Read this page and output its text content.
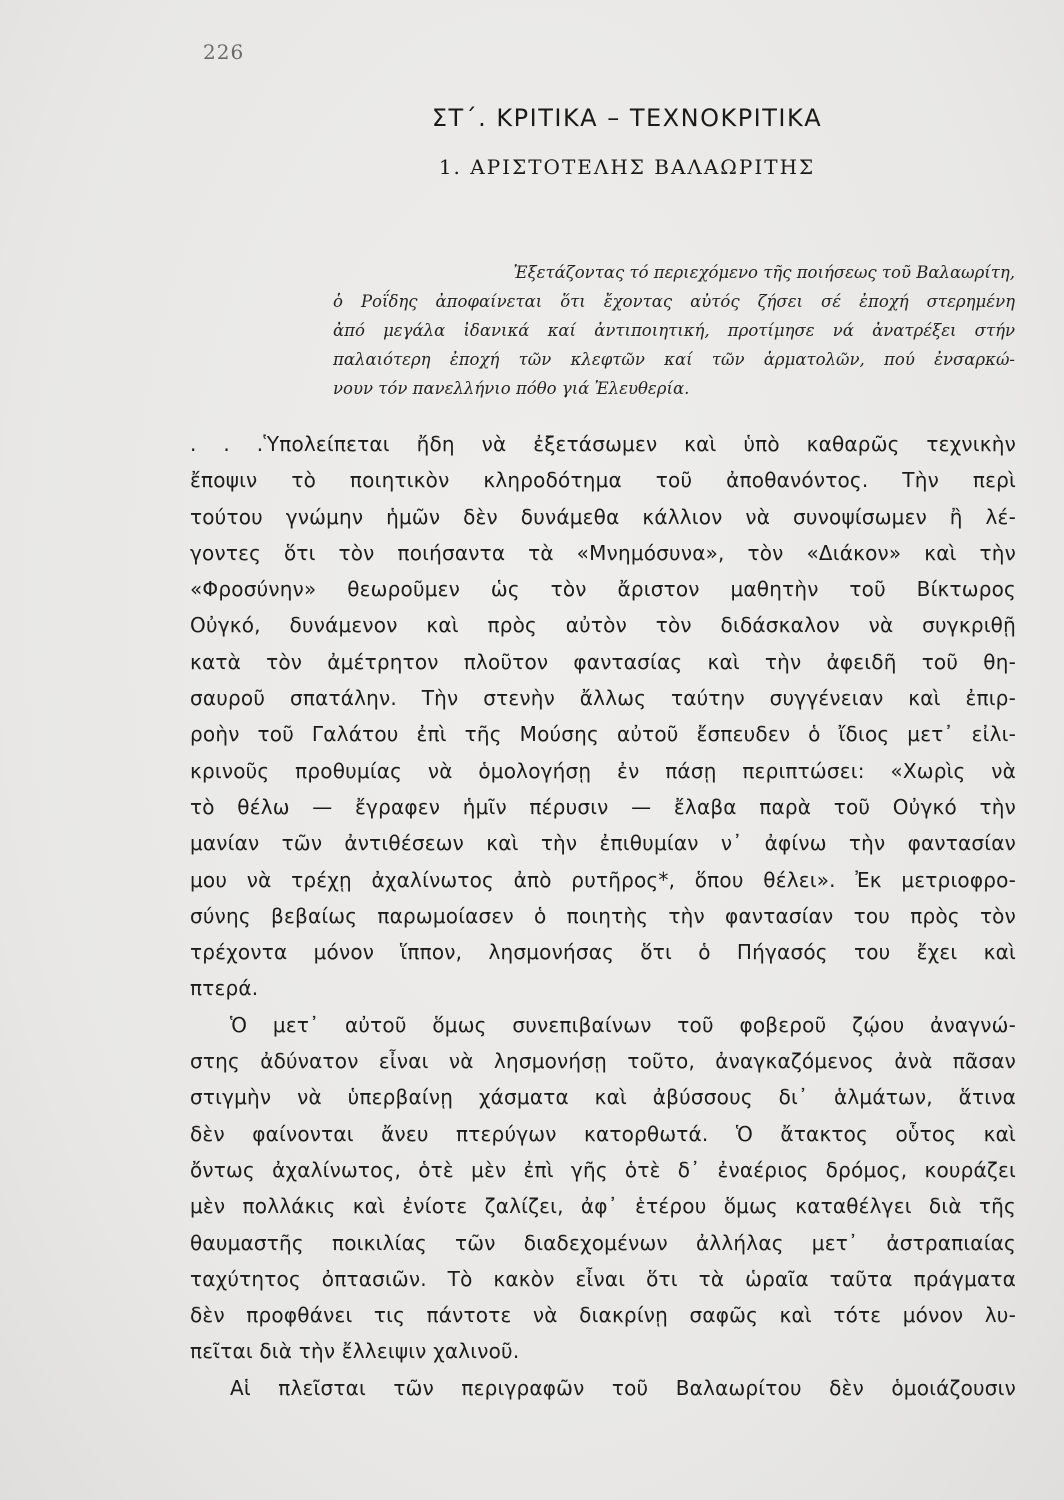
226
ΣΤ΄. ΚΡΙΤΙΚΑ – ΤΕΧΝΟΚΡΙΤΙΚΑ
1. ΑΡΙΣΤΟΤΕΛΗΣ ΒΑΛΑΩΡΙΤΗΣ
Ἐξετάζοντας τό περιεχόμενο τῆς ποιήσεως τοῦ Βαλαωρίτη,
ὁ Ροΐδης ἀποφαίνεται ὅτι ἔχοντας αὐτός ζήσει σέ ἐποχή στερημένη
ἀπό μεγάλα ἰδανικά καί ἀντιποιητική, προτίμησε νά ἀνατρέξει στήν
παλαιότερη ἐποχή τῶν κλεφτῶν καί τῶν ἁρματολῶν, πού ἐνσαρκώ-
νουν τόν πανελλήνιο πόθο γιά Ἐλευθερία.
. . .Ὑπολείπεται ἤδη νὰ ἐξετάσωμεν καὶ ὑπὸ καθαρῶς τεχνικὴν
ἔποψιν τὸ ποιητικὸν κληροδότημα τοῦ ἀποθανόντος. Τὴν περὶ
τούτου γνώμην ἡμῶν δὲν δυνάμεθα κάλλιον νὰ συνοψίσωμεν ἢ λέ-
γοντες ὅτι τὸν ποιήσαντα τὰ «Μνημόσυνα», τὸν «Διάκον» καὶ τὴν
«Φροσύνην» θεωροῦμεν ὡς τὸν ἄριστον μαθητὴν τοῦ Βίκτωρος
Οὐγκό, δυνάμενον καὶ πρὸς αὐτὸν τὸν διδάσκαλον νὰ συγκριθῇ
κατὰ τὸν ἀμέτρητον πλοῦτον φαντασίας καὶ τὴν ἀφειδῆ τοῦ θη-
σαυροῦ σπατάλην. Τὴν στενὴν ἄλλως ταύτην συγγένειαν καὶ ἐπιρ-
ροὴν τοῦ Γαλάτου ἐπὶ τῆς Μούσης αὐτοῦ ἔσπευδεν ὁ ἴδιος μετ᾽ εἰλι-
κρινοῦς προθυμίας νὰ ὁμολογήσῃ ἐν πάσῃ περιπτώσει: «Χωρὶς νὰ
τὸ θέλω — ἔγραφεν ἡμῖν πέρυσιν — ἔλαβα παρὰ τοῦ Οὐγκό τὴν
μανίαν τῶν ἀντιθέσεων καὶ τὴν ἐπιθυμίαν ν᾽ ἀφίνω τὴν φαντασίαν
μου νὰ τρέχῃ ἀχαλίνωτος ἀπὸ ρυτῆρος*, ὅπου θέλει». Ἐκ μετριοφρο-
σύνης βεβαίως παρωμοίασεν ὁ ποιητὴς τὴν φαντασίαν του πρὸς τὸν
τρέχοντα μόνον ἵππον, λησμονήσας ὅτι ὁ Πήγασός του ἔχει καὶ
πτερά.
Ὁ μετ᾽ αὐτοῦ ὅμως συνεπιβαίνων τοῦ φοβεροῦ ζῴου ἀναγνώ-
στης ἀδύνατον εἶναι νὰ λησμονήσῃ τοῦτο, ἀναγκαζόμενος ἀνὰ πᾶσαν
στιγμὴν νὰ ὑπερβαίνῃ χάσματα καὶ ἀβύσσους δι᾽ ἁλμάτων, ἅτινα
δὲν φαίνονται ἄνευ πτερύγων κατορθωτά. Ὁ ἄτακτος οὗτος καὶ
ὄντως ἀχαλίνωτος, ὁτὲ μὲν ἐπὶ γῆς ὁτὲ δ᾽ ἐναέριος δρόμος, κουράζει
μὲν πολλάκις καὶ ἐνίοτε ζαλίζει, ἀφ᾽ ἑτέρου ὅμως καταθέλγει διὰ τῆς
θαυμαστῆς ποικιλίας τῶν διαδεχομένων ἀλλήλας μετ᾽ ἀστραπιαίας
ταχύτητος ὀπτασιῶν. Τὸ κακὸν εἶναι ὅτι τὰ ὡραῖα ταῦτα πράγματα
δὲν προφθάνει τις πάντοτε νὰ διακρίνῃ σαφῶς καὶ τότε μόνον λυ-
πεῖται διὰ τὴν ἔλλειψιν χαλινοῦ.
Αἱ πλεῖσται τῶν περιγραφῶν τοῦ Βαλαωρίτου δὲν ὁμοιάζουσιν
